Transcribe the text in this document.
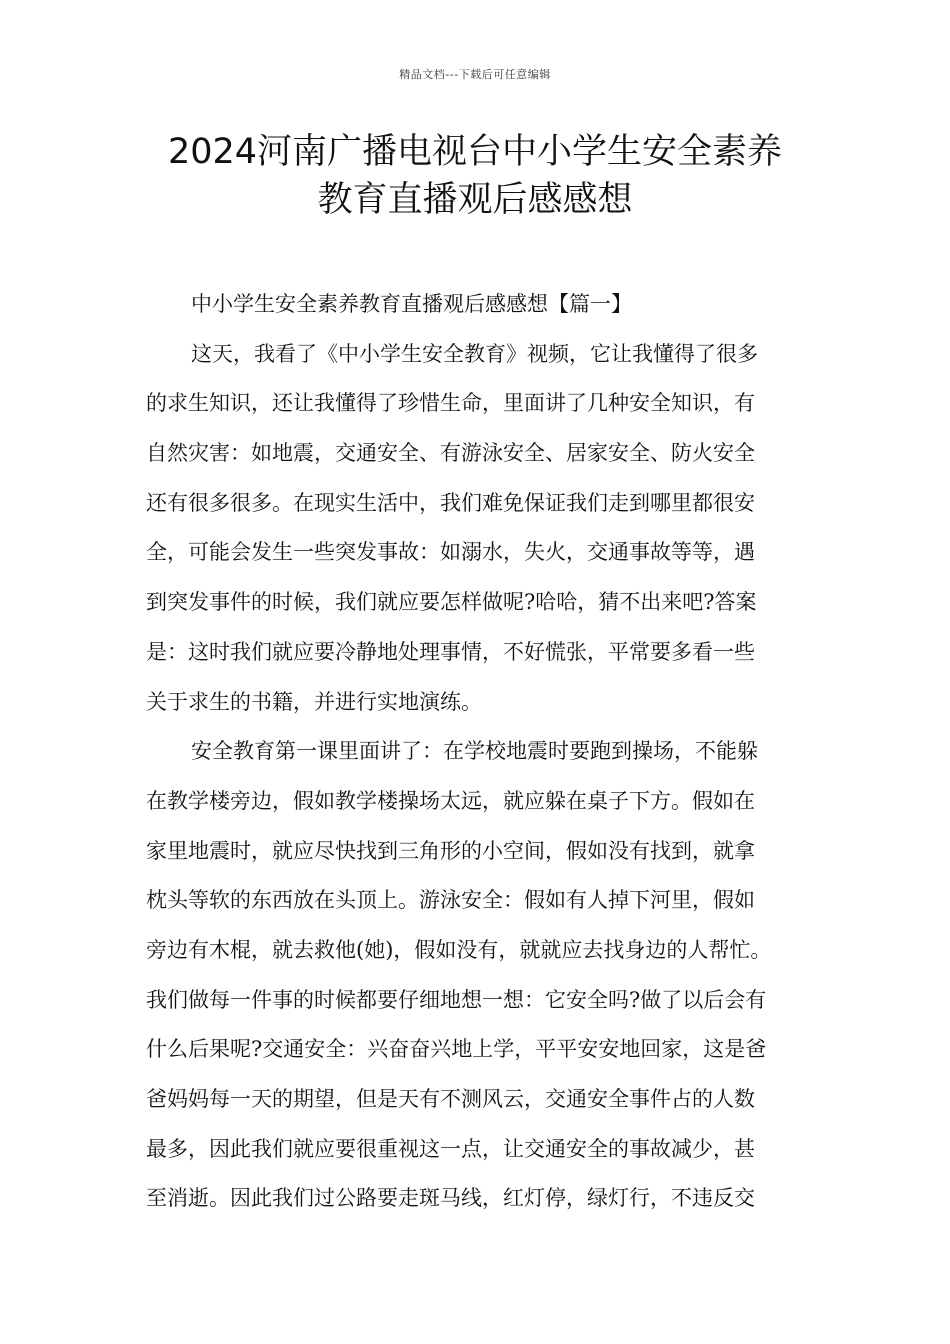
精品文档---下载后可任意编辑
2024河南广播电视台中小学生安全素养
教育直播观后感感想
中小学生安全素养教育直播观后感感想【篇一】
这天，我看了《中小学生安全教育》视频，它让我懂得了很多
的求生知识，还让我懂得了珍惜生命，里面讲了几种安全知识，有
自然灾害：如地震，交通安全、有游泳安全、居家安全、防火安全
还有很多很多。在现实生活中，我们难免保证我们走到哪里都很安
全，可能会发生一些突发事故：如溺水，失火，交通事故等等，遇
到突发事件的时候，我们就应要怎样做呢?哈哈，猜不出来吧?答案
是：这时我们就应要冷静地处理事情，不好慌张，平常要多看一些
关于求生的书籍，并进行实地演练。
安全教育第一课里面讲了：在学校地震时要跑到操场，不能躲
在教学楼旁边，假如教学楼操场太远，就应躲在桌子下方。假如在
家里地震时，就应尽快找到三角形的小空间，假如没有找到，就拿
枕头等软的东西放在头顶上。游泳安全：假如有人掉下河里，假如
旁边有木棍，就去救他(她)，假如没有，就就应去找身边的人帮忙。
我们做每一件事的时候都要仔细地想一想：它安全吗?做了以后会有
什么后果呢?交通安全：兴奋奋兴地上学，平平安安地回家，这是爸
爸妈妈每一天的期望，但是天有不测风云，交通安全事件占的人数
最多，因此我们就应要很重视这一点，让交通安全的事故减少，甚
至消逝。因此我们过公路要走斑马线，红灯停，绿灯行，不违反交
